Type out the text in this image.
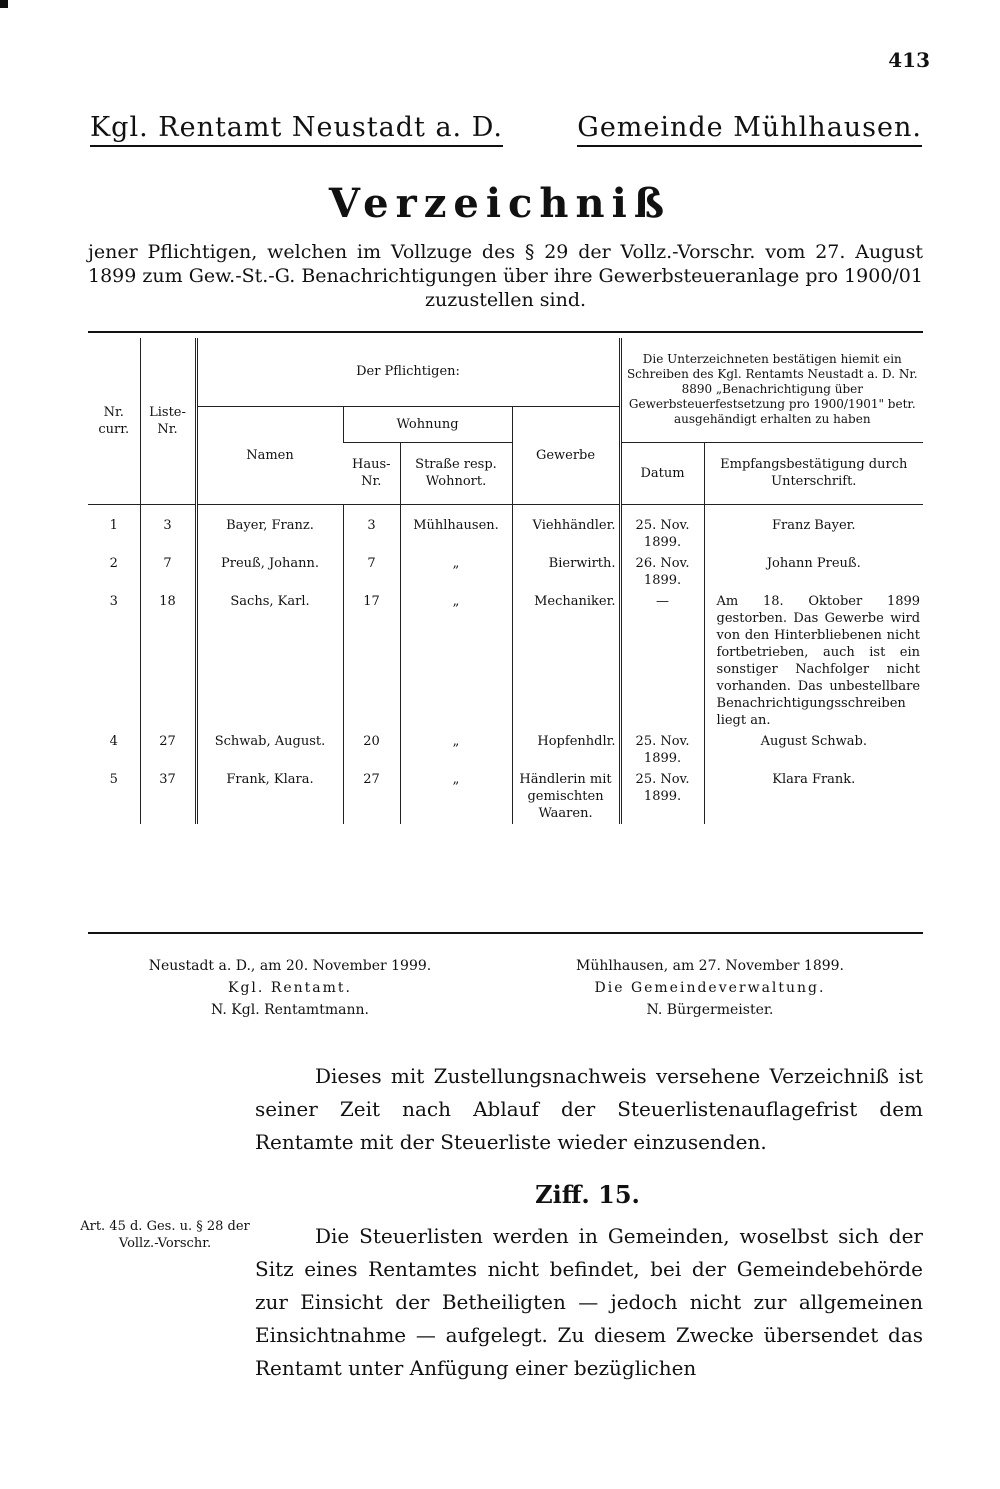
413
Kgl. Rentamt Neustadt a. D.	Gemeinde Mühlhausen.
Verzeichniß
jener Pflichtigen, welchen im Vollzuge des § 29 der Vollz.-Vorschr. vom 27. August 1899 zum Gew.-St.-G. Benachrichtigungen über ihre Gewerbsteueranlage pro 1900/01 zuzustellen sind.
Nr. curr.	Liste-Nr.	Der Pflichtigen:				Die Unterzeichneten bestätigen hiemit ein Schreiben des Kgl. Rentamts Neustadt a. D. Nr. 8890 „Benachrichtigung über Gewerbsteuerfestsetzung pro 1900/1901" betr. ausgehändigt erhalten zu haben	
		Namen	Wohnung		Gewerbe		
			Haus-Nr.	Straße resp. Wohnort.		Datum	Empfangsbestätigung durch Unterschrift.
1	3	Bayer, Franz.	3	Mühlhausen.	Viehhändler.	25. Nov. 1899.	Franz Bayer.
2	7	Preuß, Johann.	7	„	Bierwirth.	26. Nov. 1899.	Johann Preuß.
3	18	Sachs, Karl.	17	„	Mechaniker.	—	Am 18. Oktober 1899 gestorben. Das Gewerbe wird von den Hinterbliebenen nicht fortbetrieben, auch ist ein sonstiger Nachfolger nicht vorhanden. Das unbestellbare Benachrichtigungsschreiben liegt an.
4	27	Schwab, August.	20	„	Hopfenhdlr.	25. Nov. 1899.	August Schwab.
5	37	Frank, Klara.	27	„	Händlerin mit gemischten Waaren.	25. Nov. 1899.	Klara Frank.
Neustadt a. D., am 20. November 1999.
Kgl. Rentamt.
N. Kgl. Rentamtmann.
Mühlhausen, am 27. November 1899.
Die Gemeindeverwaltung.
N. Bürgermeister.
Dieses mit Zustellungsnachweis versehene Verzeichniß ist seiner Zeit nach Ablauf der Steuerlistenauflagefrist dem Rentamte mit der Steuerliste wieder einzusenden.
Ziff. 15.
Art. 45 d. Ges. u. § 28 der Vollz.-Vorschr.	Die Steuerlisten werden in Gemeinden, woselbst sich der Sitz eines Rentamtes nicht befindet, bei der Gemeindebehörde zur Einsicht der Betheiligten — jedoch nicht zur allgemeinen Einsichtnahme — aufgelegt. Zu diesem Zwecke übersendet das Rentamt unter Anfügung einer bezüglichen
